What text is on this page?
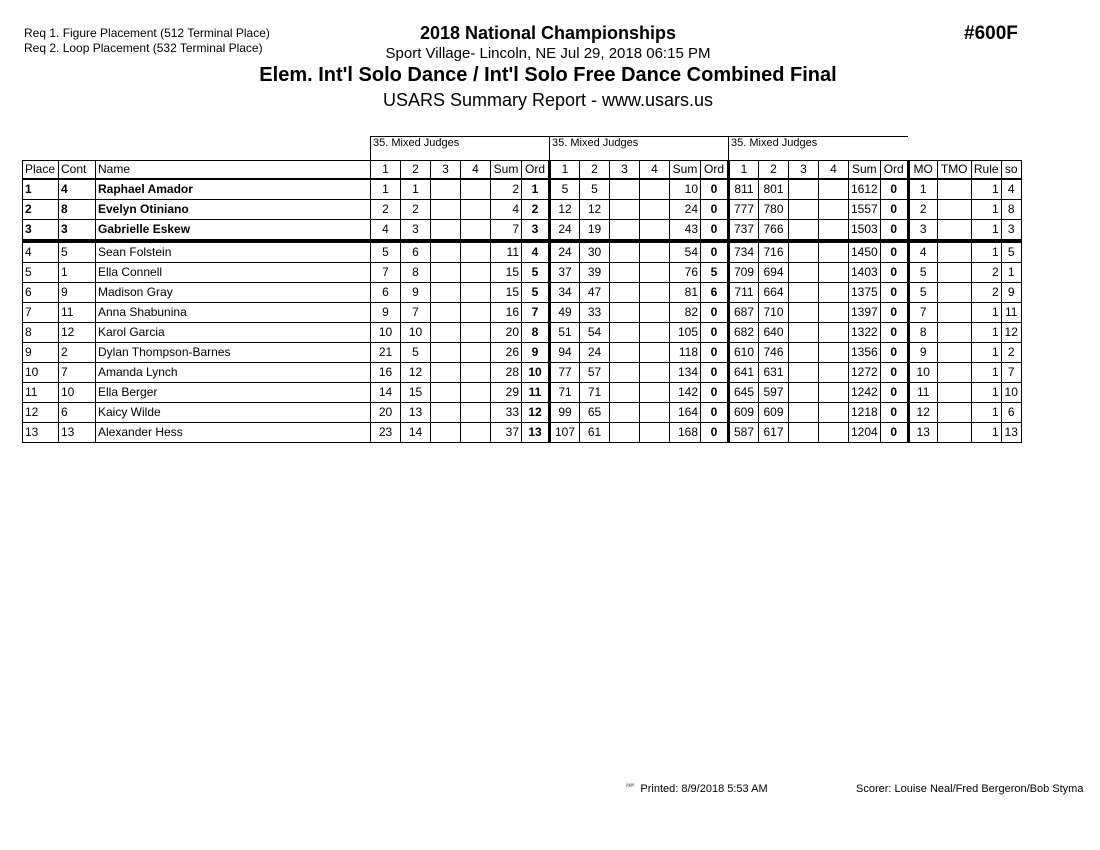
Req 1. Figure Placement (512 Terminal Place)
Req 2. Loop Placement (532 Terminal Place)
2018 National Championships
Sport Village- Lincoln, NE Jul 29, 2018 06:15 PM
Elem. Int'l Solo Dance / Int'l Solo Free Dance Combined Final
USARS Summary Report - www.usars.us
#600F
			35. Mixed Judges						35. Mixed Judges						35. Mixed Judges									
Place	Cont	Name	1	2	3	4	Sum	Ord	1	2	3	4	Sum	Ord	1	2	3	4	Sum	Ord	MO	TMO	Rule	so
1	4	Raphael Amador	1	1			2	1	5	5			10	0	811	801			1612	0	1		1	4
2	8	Evelyn Otiniano	2	2			4	2	12	12			24	0	777	780			1557	0	2		1	8
3	3	Gabrielle Eskew	4	3			7	3	24	19			43	0	737	766			1503	0	3		1	3
4	5	Sean Folstein	5	6			11	4	24	30			54	0	734	716			1450	0	4		1	5
5	1	Ella Connell	7	8			15	5	37	39			76	5	709	694			1403	0	5		2	1
6	9	Madison Gray	6	9			15	5	34	47			81	6	711	664			1375	0	5		2	9
7	11	Anna Shabunina	9	7			16	7	49	33			82	0	687	710			1397	0	7		1	11
8	12	Karol Garcia	10	10			20	8	51	54			105	0	682	640			1322	0	8		1	12
9	2	Dylan Thompson-Barnes	21	5			26	9	94	24			118	0	610	746			1356	0	9		1	2
10	7	Amanda Lynch	16	12			28	10	77	57			134	0	641	631			1272	0	10		1	7
11	10	Ella Berger	14	15			29	11	71	71			142	0	645	597			1242	0	11		1	10
12	6	Kaicy Wilde	20	13			33	12	99	65			164	0	609	609			1218	0	12		1	6
13	13	Alexander Hess	23	14			37	13	107	61			168	0	587	617			1204	0	13		1	13
$^{^{2320}}$ Printed: 8/9/2018 5:53 AM	Scorer: Louise Neal/Fred Bergeron/Bob Styma
